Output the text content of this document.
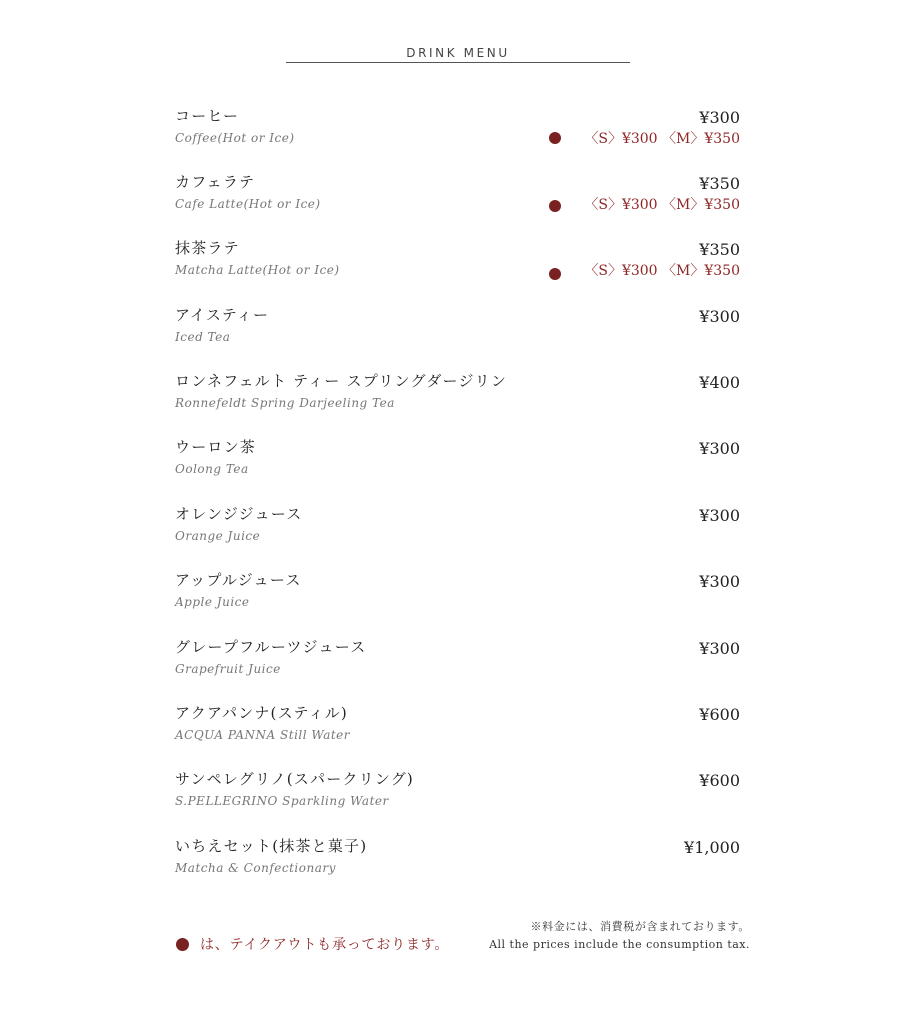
DRINK MENU
コーヒー
Coffee(Hot or Ice)
¥300
〈S〉¥300 〈M〉¥350
カフェラテ
Cafe Latte(Hot or Ice)
¥350
〈S〉¥300 〈M〉¥350
抹茶ラテ
Matcha Latte(Hot or Ice)
¥350
〈S〉¥300 〈M〉¥350
アイスティー
Iced Tea
¥300
ロンネフェルト ティー スプリングダージリン
Ronnefeldt Spring Darjeeling Tea
¥400
ウーロン茶
Oolong Tea
¥300
オレンジジュース
Orange Juice
¥300
アップルジュース
Apple Juice
¥300
グレープフルーツジュース
Grapefruit Juice
¥300
アクアパンナ(スティル)
ACQUA PANNA Still Water
¥600
サンペレグリノ(スパークリング)
S.PELLEGRINO Sparkling Water
¥600
いちえセット(抹茶と菓子)
Matcha & Confectionary
¥1,000
は、テイクアウトも承っております。
※料金には、消費税が含まれております。
All the prices include the consumption tax.
